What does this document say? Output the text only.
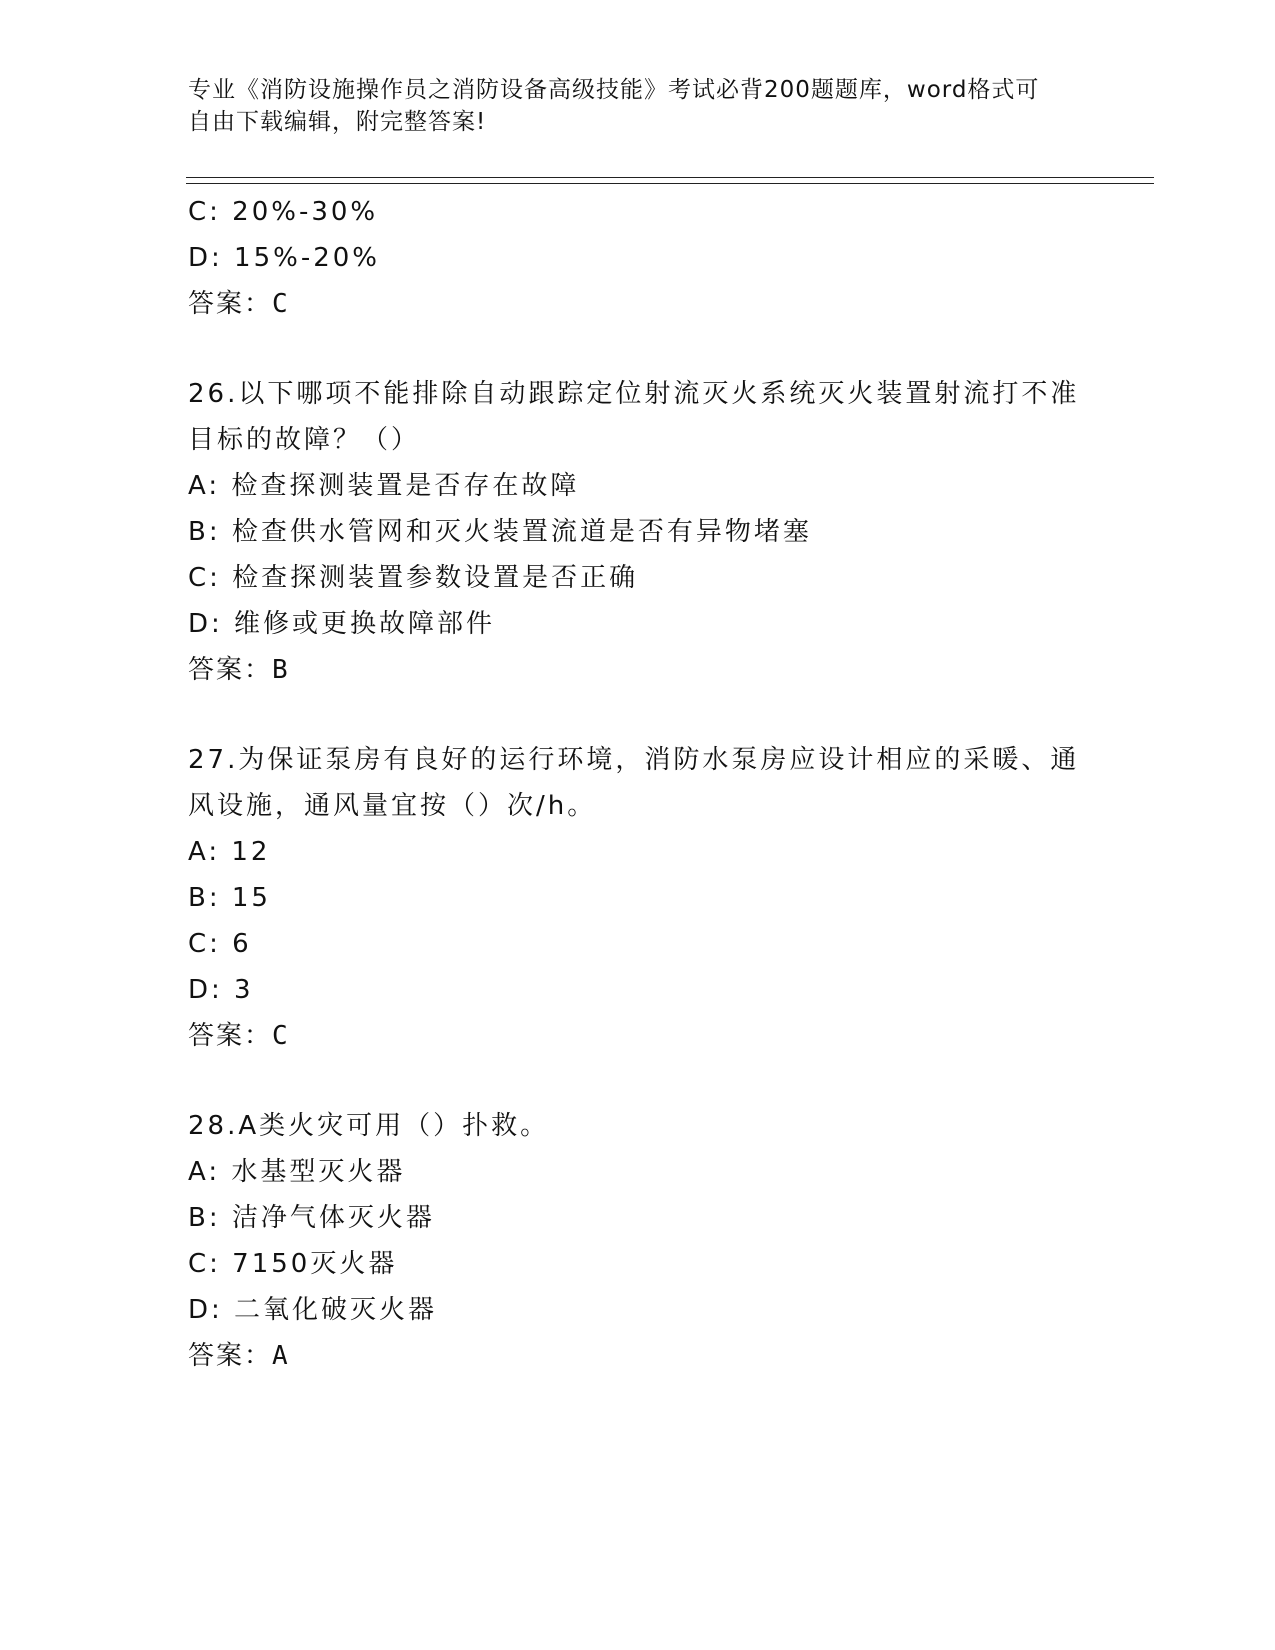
专业《消防设施操作员之消防设备高级技能》考试必背200题题库，word格式可
自由下载编辑，附完整答案!
C: 20%-30%
D: 15%-20%
答案：C
26.以下哪项不能排除自动跟踪定位射流灭火系统灭火装置射流打不准
目标的故障？（）
A: 检查探测装置是否存在故障
B: 检查供水管网和灭火装置流道是否有异物堵塞
C: 检查探测装置参数设置是否正确
D: 维修或更换故障部件
答案：B
27.为保证泵房有良好的运行环境，消防水泵房应设计相应的采暖、通
风设施，通风量宜按（）次/h。
A: 12
B: 15
C: 6
D: 3
答案：C
28.A类火灾可用（）扑救。
A: 水基型灭火器
B: 洁净气体灭火器
C: 7150灭火器
D: 二氧化破灭火器
答案：A
